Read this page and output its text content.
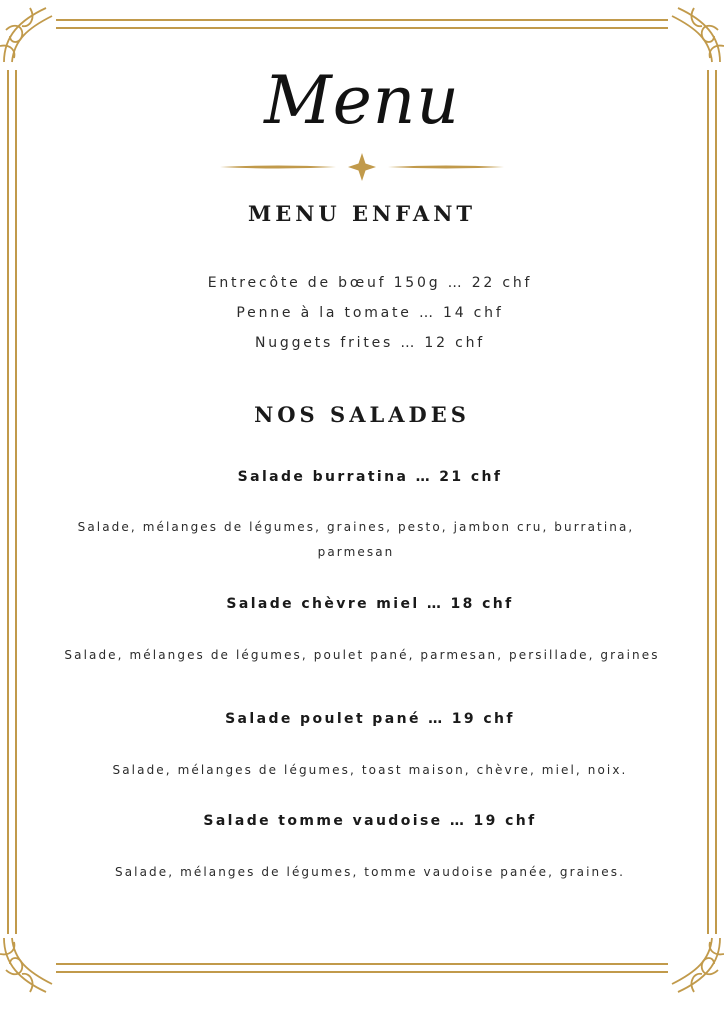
Menu
MENU ENFANT
Entrecôte de bœuf 150g … 22 chf
Penne à la tomate … 14 chf
Nuggets frites … 12 chf
NOS SALADES
Salade burratina … 21 chf
Salade, mélanges de légumes, graines, pesto, jambon cru, burratina, parmesan
Salade chèvre miel … 18 chf
Salade, mélanges de légumes, poulet pané, parmesan, persillade, graines
Salade poulet pané … 19 chf
Salade, mélanges de légumes, toast maison, chèvre, miel, noix.
Salade tomme vaudoise … 19 chf
Salade, mélanges de légumes, tomme vaudoise panée, graines.
